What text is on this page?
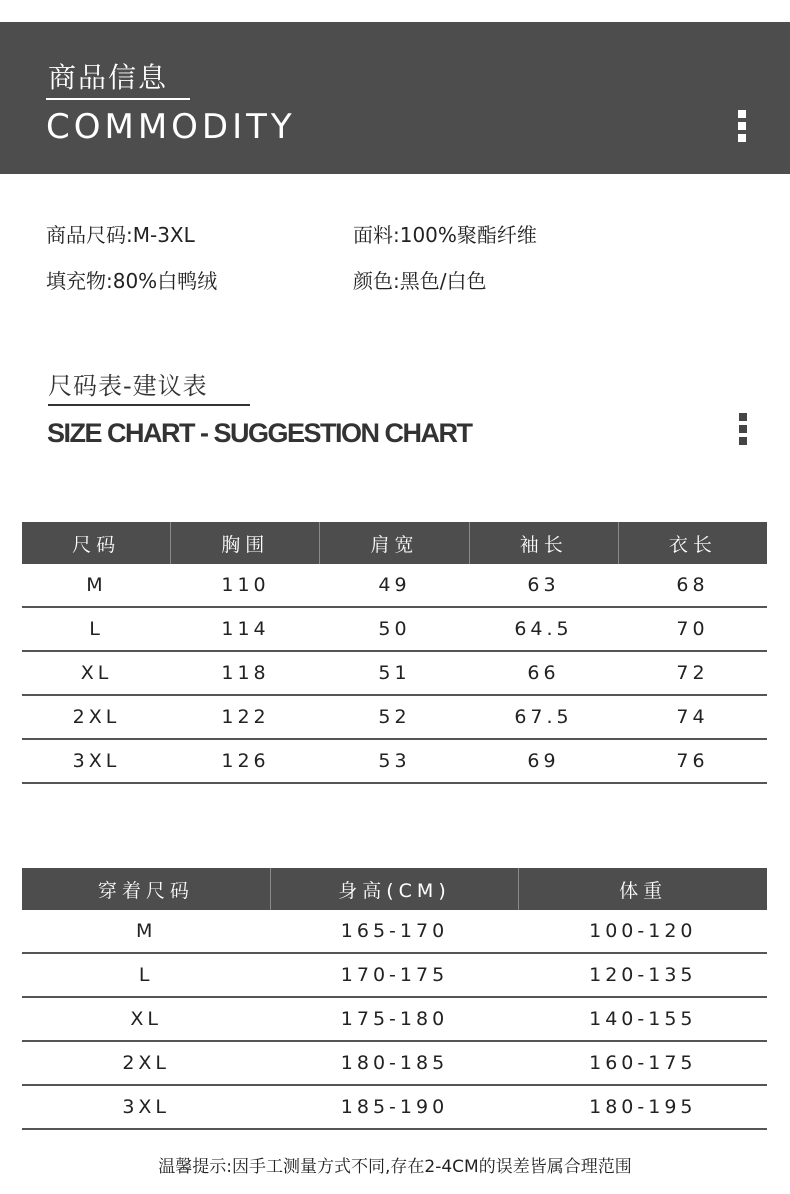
商品信息
COMMODITY
商品尺码:M-3XL	面料:100%聚酯纤维
填充物:80%白鸭绒	颜色:黑色/白色
尺码表-建议表
SIZE CHART - SUGGESTION CHART
尺码	胸围	肩宽	袖长	衣长
M	110	49	63	68
L	114	50	64.5	70
XL	118	51	66	72
2XL	122	52	67.5	74
3XL	126	53	69	76
穿着尺码	身高(CM)	体重
M	165-170	100-120
L	170-175	120-135
XL	175-180	140-155
2XL	180-185	160-175
3XL	185-190	180-195
温馨提示:因手工测量方式不同,存在2-4CM的误差皆属合理范围
